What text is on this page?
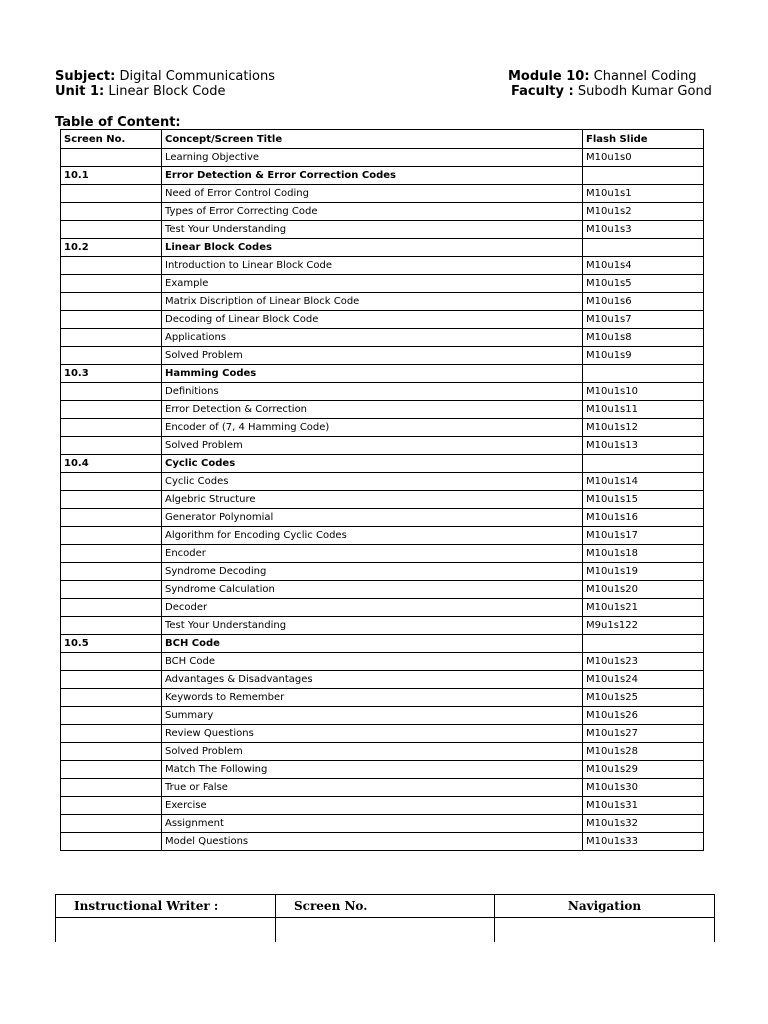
Subject: Digital Communications
Unit 1: Linear Block Code
Module 10: Channel Coding
Faculty : Subodh Kumar Gond
Table of Content:
Screen No.	Concept/Screen Title	Flash Slide
	Learning Objective	M10u1s0
10.1	Error Detection & Error Correction Codes	
	Need of Error Control Coding	M10u1s1
	Types of Error Correcting Code	M10u1s2
	Test Your Understanding	M10u1s3
10.2	Linear Block Codes	
	Introduction to Linear Block Code	M10u1s4
	Example	M10u1s5
	Matrix Discription of Linear Block Code	M10u1s6
	Decoding of Linear Block Code	M10u1s7
	Applications	M10u1s8
	Solved Problem	M10u1s9
10.3	Hamming Codes	
	Definitions	M10u1s10
	Error Detection & Correction	M10u1s11
	Encoder of (7, 4 Hamming Code)	M10u1s12
	Solved Problem	M10u1s13
10.4	Cyclic Codes	
	Cyclic Codes	M10u1s14
	Algebric Structure	M10u1s15
	Generator Polynomial	M10u1s16
	Algorithm for Encoding Cyclic Codes	M10u1s17
	Encoder	M10u1s18
	Syndrome Decoding	M10u1s19
	Syndrome Calculation	M10u1s20
	Decoder	M10u1s21
	Test Your Understanding	M9u1s122
10.5	BCH Code	
	BCH Code	M10u1s23
	Advantages & Disadvantages	M10u1s24
	Keywords to Remember	M10u1s25
	Summary	M10u1s26
	Review Questions	M10u1s27
	Solved Problem	M10u1s28
	Match The Following	M10u1s29
	True or False	M10u1s30
	Exercise	M10u1s31
	Assignment	M10u1s32
	Model Questions	M10u1s33
Instructional Writer :	Screen No.	Navigation
